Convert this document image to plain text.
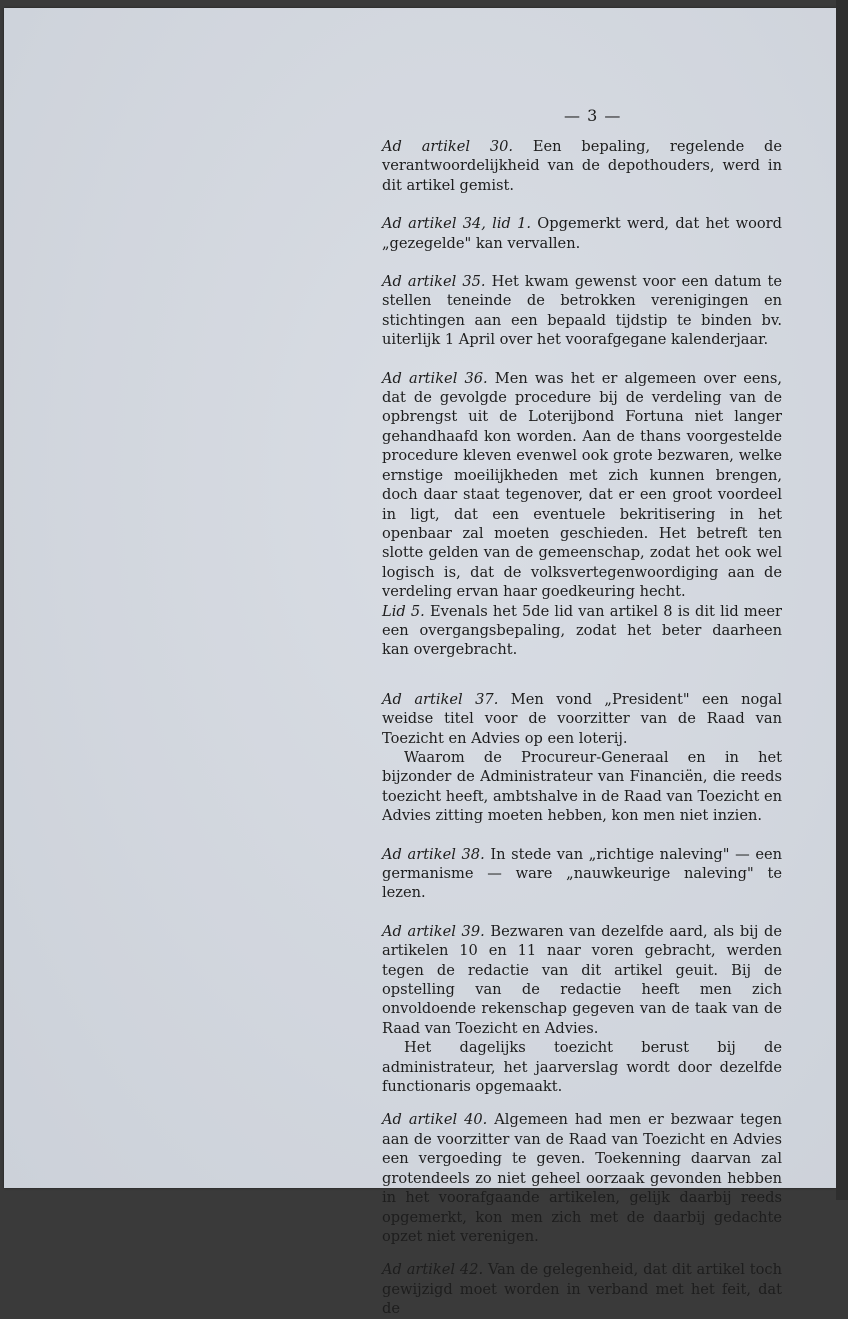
— 3 —

Ad artikel 30. Een bepaling, regelende de verantwoordelijkheid van de depothouders, werd in dit artikel gemist.

Ad artikel 34, lid 1. Opgemerkt werd, dat het woord „gezegelde" kan vervallen.

Ad artikel 35. Het kwam gewenst voor een datum te stellen teneinde de betrokken verenigingen en stichtingen aan een bepaald tijdstip te binden bv. uiterlijk 1 April over het voorafgegane kalenderjaar.

Ad artikel 36. Men was het er algemeen over eens, dat de gevolgde procedure bij de verdeling van de opbrengst uit de Loterijbond Fortuna niet langer gehandhaafd kon worden. Aan de thans voorgestelde procedure kleven evenwel ook grote bezwaren, welke ernstige moeilijkheden met zich kunnen brengen, doch daar staat tegenover, dat er een groot voordeel in ligt, dat een eventuele bekritisering in het openbaar zal moeten geschieden. Het betreft ten slotte gelden van de gemeenschap, zodat het ook wel logisch is, dat de volksvertegenwoordiging aan de verdeling ervan haar goedkeuring hecht.

Lid 5. Evenals het 5de lid van artikel 8 is dit lid meer een overgangsbepaling, zodat het beter daarheen kan overgebracht.

Ad artikel 37. Men vond „President" een nogal weidse titel voor de voorzitter van de Raad van Toezicht en Advies op een loterij.

Waarom de Procureur-Generaal en in het bijzonder de Administrateur van Financiën, die reeds toezicht heeft, ambtshalve in de Raad van Toezicht en Advies zitting moeten hebben, kon men niet inzien.

Ad artikel 38. In stede van „richtige naleving" — een germanisme — ware „nauwkeurige naleving" te lezen.

Ad artikel 39. Bezwaren van dezelfde aard, als bij de artikelen 10 en 11 naar voren gebracht, werden tegen de redactie van dit artikel geuit. Bij de opstelling van de redactie heeft men zich onvoldoende rekenschap gegeven van de taak van de Raad van Toezicht en Advies.

Het dagelijks toezicht berust bij de administrateur, het jaarverslag wordt door dezelfde functionaris opgemaakt.

Ad artikel 40. Algemeen had men er bezwaar tegen aan de voorzitter van de Raad van Toezicht en Advies een vergoeding te geven. Toekenning daarvan zal grotendeels zo niet geheel oorzaak gevonden hebben in het voorafgaande artikelen, gelijk daarbij reeds opgemerkt, kon men zich met de daarbij gedachte opzet niet verenigen.

Ad artikel 42. Van de gelegenheid, dat dit artikel toch gewijzigd moet worden in verband met het feit, dat de
